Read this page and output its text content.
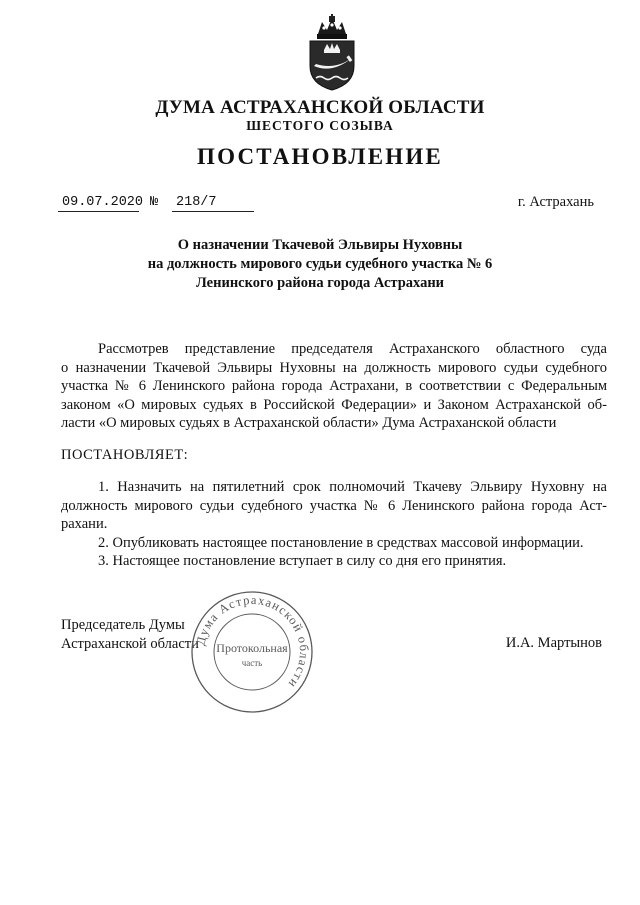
ДУМА АСТРАХАНСКОЙ ОБЛАСТИ
ШЕСТОГО СОЗЫВА
ПОСТАНОВЛЕНИЕ
09.07.2020 № 218/7	г. Астрахань
О назначении Ткачевой Эльвиры Нуховны
на должность мирового судьи судебного участка № 6
Ленинского района города Астрахани
Рассмотрев представление председателя Астраханского областного суда
о назначении Ткачевой Эльвиры Нуховны на должность мирового судьи судебного
участка № 6 Ленинского района города Астрахани, в соответствии с Федеральным
законом «О мировых судьях в Российской Федерации» и Законом Астраханской об-
ласти «О мировых судьях в Астраханской области» Дума Астраханской области
ПОСТАНОВЛЯЕТ:
1. Назначить на пятилетний срок полномочий Ткачеву Эльвиру Нуховну на
должность мирового судьи судебного участка № 6 Ленинского района города Аст-
рахани.
2. Опубликовать настоящее постановление в средствах массовой информации.
3. Настоящее постановление вступает в силу со дня его принятия.
Председатель Думы
Астраханской области	И.А. Мартынов
Дума Астраханской области
Протокольная
часть
